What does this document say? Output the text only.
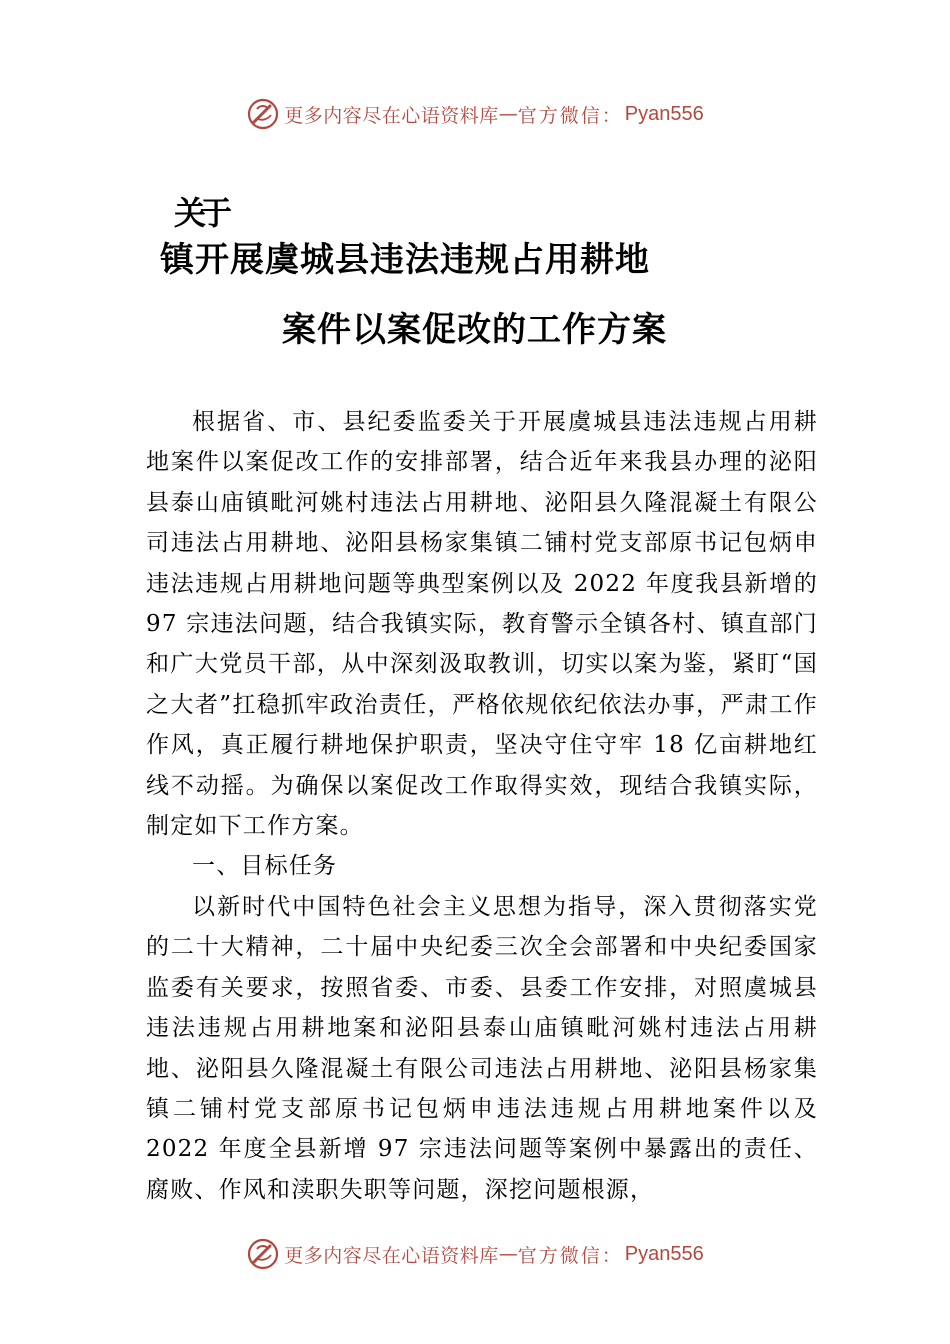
更多内容尽在心语资料库 — 官方微信： Pyan556
关于
镇开展虞城县违法违规占用耕地
案件以案促改的工作方案

根据省、市、县纪委监委关于开展虞城县违法违规占用耕地案件以案促改工作的安排部署，结合近年来我县办理的泌阳县泰山庙镇毗河姚村违法占用耕地、泌阳县久隆混凝土有限公司违法占用耕地、泌阳县杨家集镇二铺村党支部原书记包炳申违法违规占用耕地问题等典型案例以及 2022 年度我县新增的 97 宗违法问题，结合我镇实际，教育警示全镇各村、镇直部门和广大党员干部，从中深刻汲取教训，切实以案为鉴，紧盯“国之大者”扛稳抓牢政治责任，严格依规依纪依法办事，严肃工作作风，真正履行耕地保护职责，坚决守住守牢 18 亿亩耕地红线不动摇。为确保以案促改工作取得实效，现结合我镇实际，制定如下工作方案。

一、目标任务

以新时代中国特色社会主义思想为指导，深入贯彻落实党的二十大精神，二十届中央纪委三次全会部署和中央纪委国家监委有关要求，按照省委、市委、县委工作安排，对照虞城县违法违规占用耕地案和泌阳县泰山庙镇毗河姚村违法占用耕地、泌阳县久隆混凝土有限公司违法占用耕地、泌阳县杨家集镇二铺村党支部原书记包炳申违法违规占用耕地案件以及 2022 年度全县新增 97 宗违法问题等案例中暴露出的责任、腐败、作风和渎职失职等问题，深挖问题根源，

更多内容尽在心语资料库 — 官方微信： Pyan556
